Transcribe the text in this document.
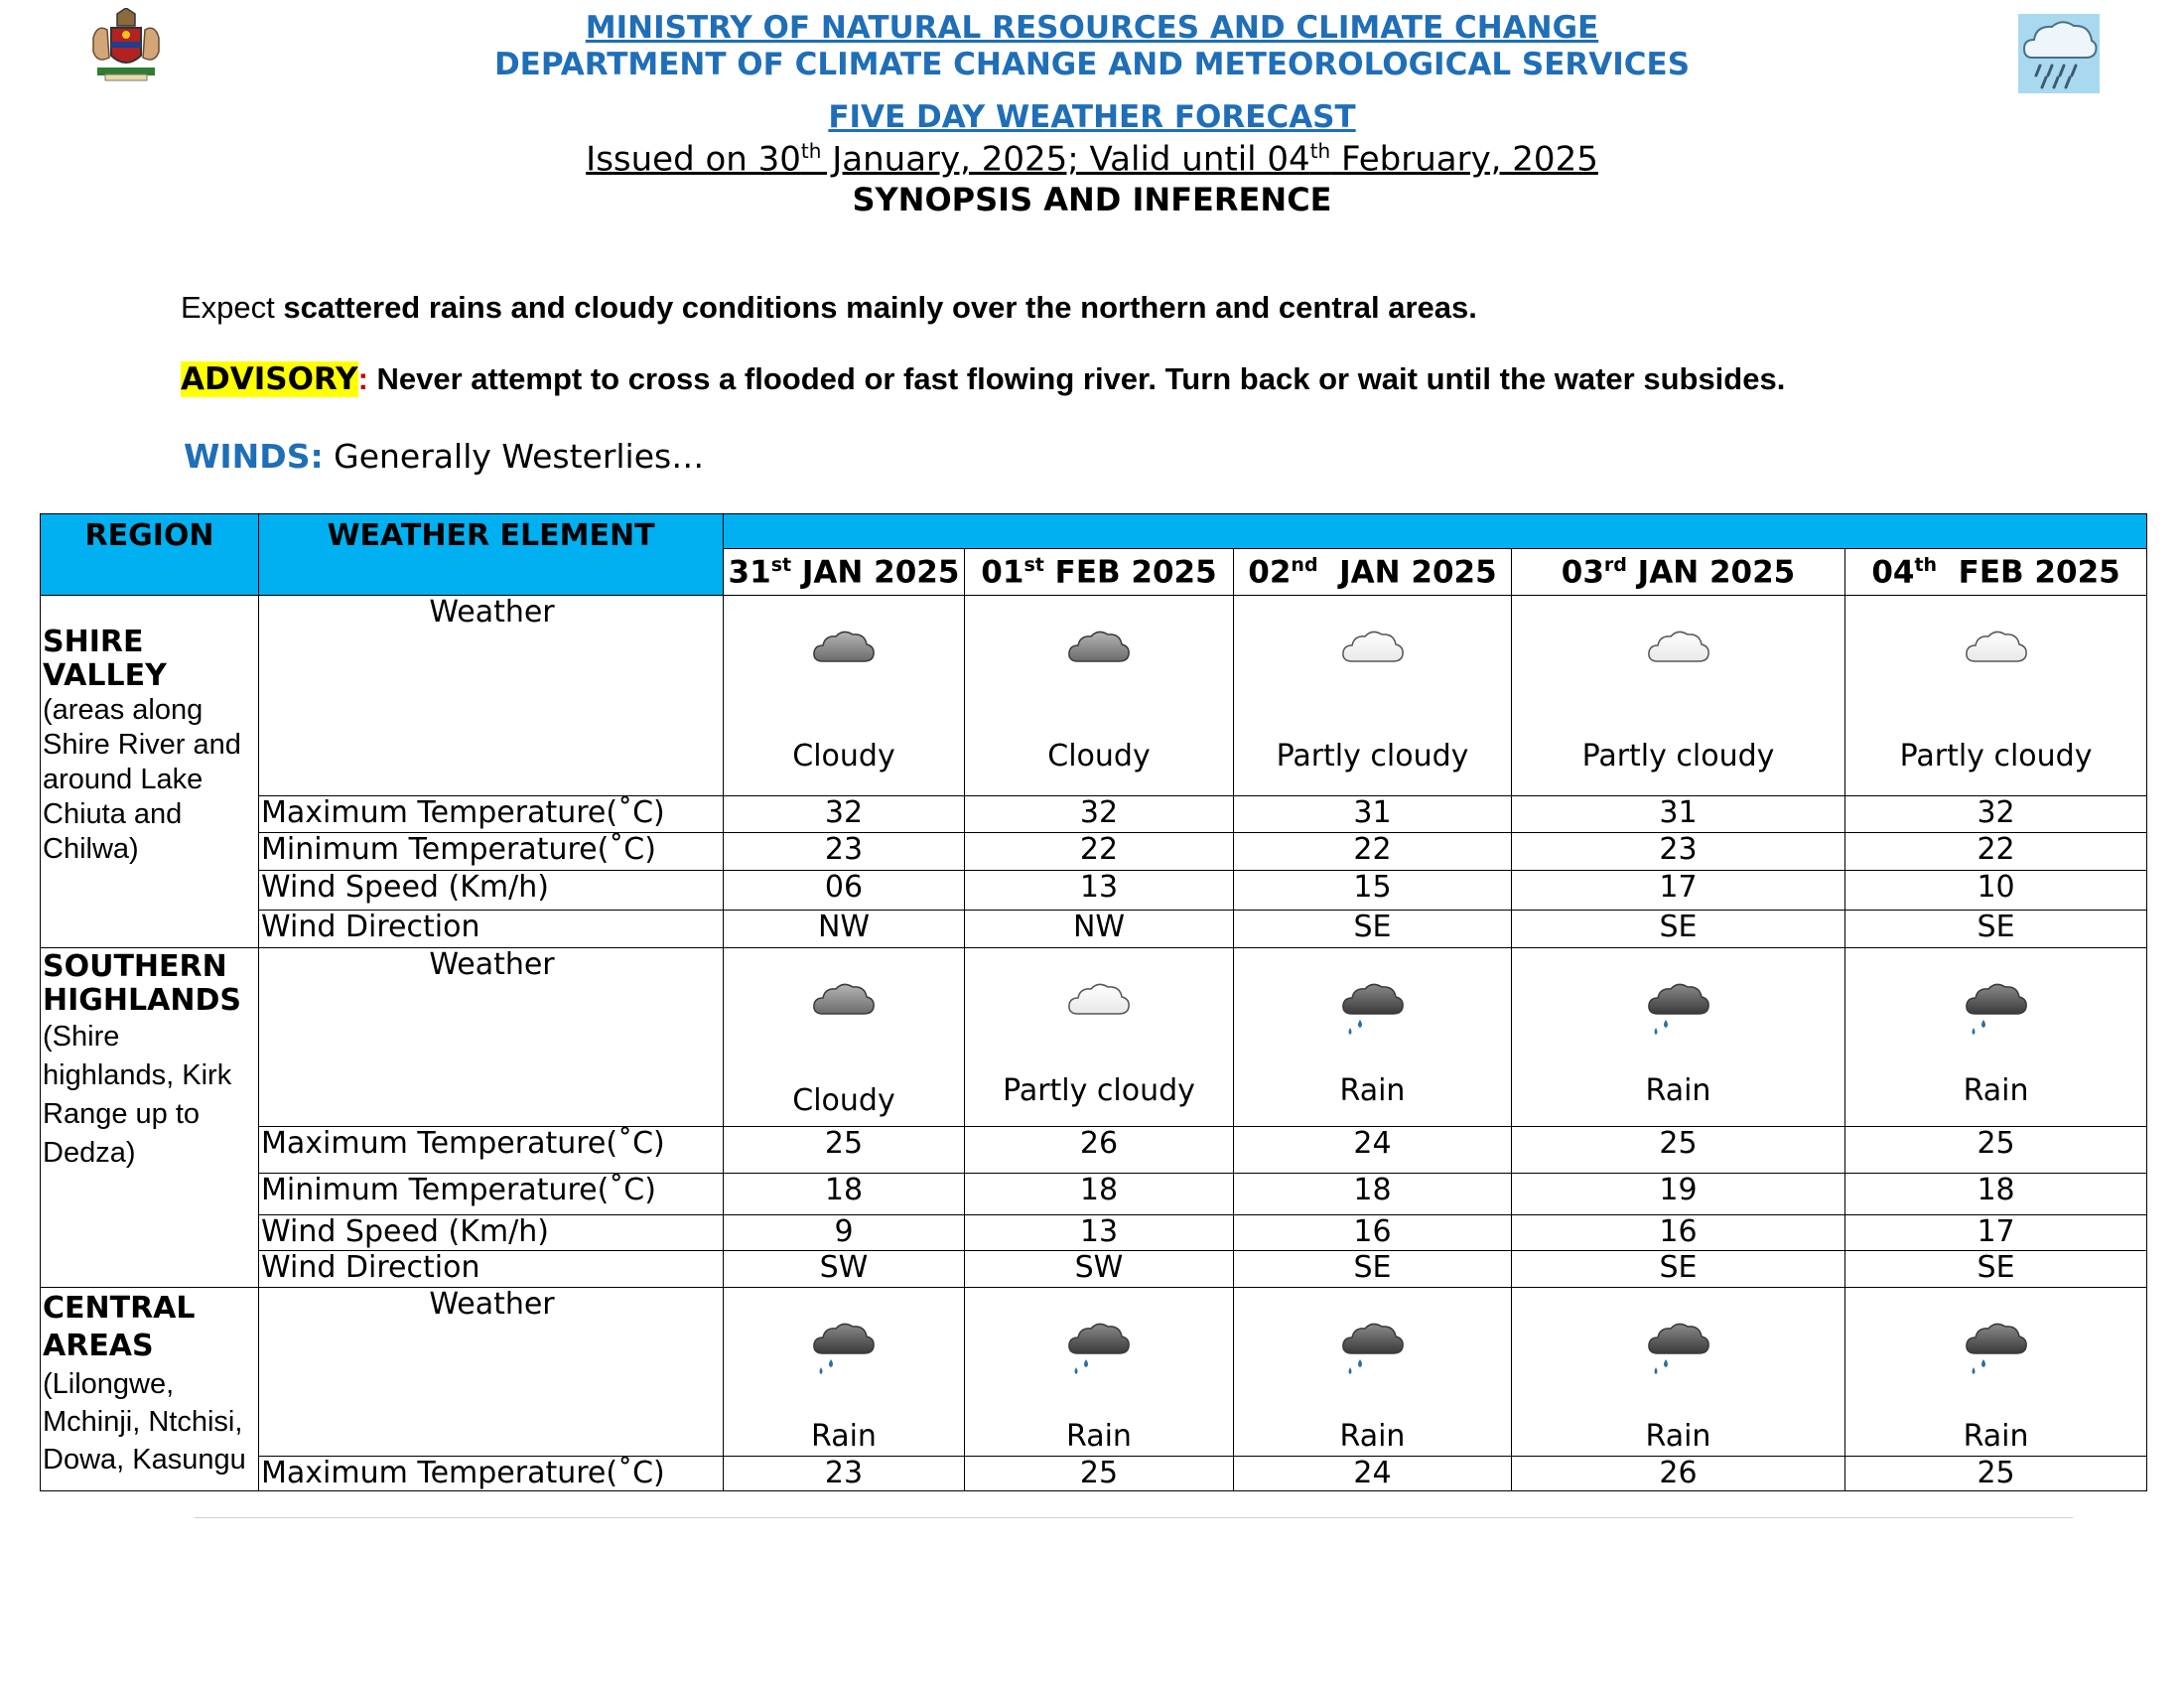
MINISTRY OF NATURAL RESOURCES AND CLIMATE CHANGE
DEPARTMENT OF CLIMATE CHANGE AND METEOROLOGICAL SERVICES
FIVE DAY WEATHER FORECAST
Issued on 30th January, 2025; Valid until 04th February, 2025
SYNOPSIS AND INFERENCE
Expect scattered rains and cloudy conditions mainly over the northern and central areas.
ADVISORY: Never attempt to cross a flooded or fast flowing river. Turn back or wait until the water subsides.
WINDS: Generally Westerlies…
REGION	WEATHER ELEMENT					
		31st JAN 2025	01st FEB 2025	02nd  JAN 2025	03rd JAN 2025	04th  FEB 2025

SHIRE VALLEY
(areas along Shire River and around Lake Chiuta and Chilwa)	Weather	Cloudy	Cloudy	Partly cloudy	Partly cloudy	Partly cloudy

	Maximum Temperature(˚C)	32	32	31	31	32
	Minimum Temperature(˚C)	23	22	22	23	22
	Wind Speed (Km/h)	06	13	15	17	10
	Wind Direction	NW	NW	SE	SE	SE

SOUTHERN HIGHLANDS
(Shire highlands, Kirk Range up to Dedza)	Weather	Cloudy	Partly cloudy	Rain	Rain	Rain

	Maximum Temperature(˚C)	25	26	24	25	25
	Minimum Temperature(˚C)	18	18	18	19	18
	Wind Speed (Km/h)	9	13	16	16	17
	Wind Direction	SW	SW	SE	SE	SE

CENTRAL AREAS
(Lilongwe, Mchinji, Ntchisi, Dowa, Kasungu	Weather	Rain	Rain	Rain	Rain	Rain

	Maximum Temperature(˚C)	23	25	24	26	25
